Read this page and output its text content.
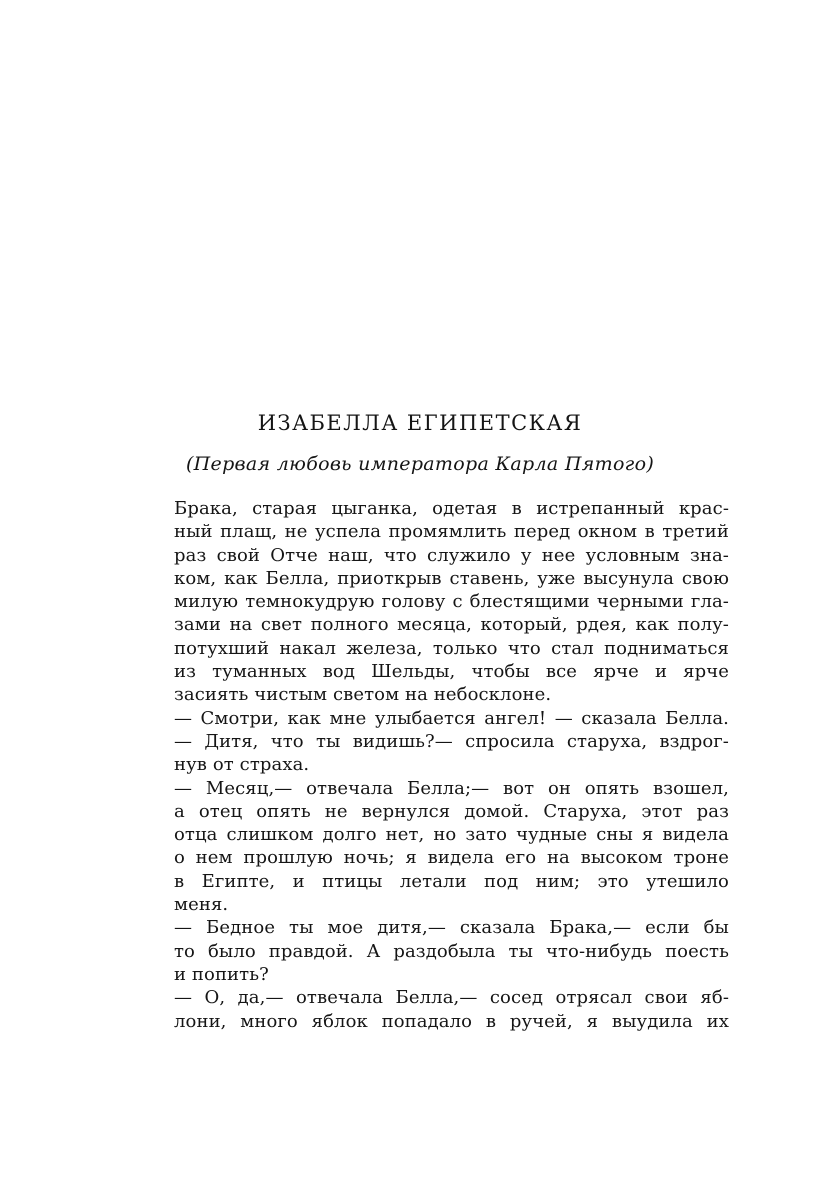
ИЗАБЕЛЛА ЕГИПЕТСКАЯ

(Первая любовь императора Карла Пятого)

Брака, старая цыганка, одетая в истрепанный крас-
ный плащ, не успела промямлить перед окном в третий
раз свой Отче наш, что служило у нее условным зна-
ком, как Белла, приоткрыв ставень, уже высунула свою
милую темнокудрую голову с блестящими черными гла-
зами на свет полного месяца, который, рдея, как полу-
потухший накал железа, только что стал подниматься
из туманных вод Шельды, чтобы все ярче и ярче
засиять чистым светом на небосклоне.
— Смотри, как мне улыбается ангел! — сказала Белла.
— Дитя, что ты видишь?— спросила старуха, вздрог-
нув от страха.
— Месяц,— отвечала Белла;— вот он опять взошел,
а отец опять не вернулся домой. Старуха, этот раз
отца слишком долго нет, но зато чудные сны я видела
о нем прошлую ночь; я видела его на высоком троне
в Египте, и птицы летали под ним; это утешило
меня.
— Бедное ты мое дитя,— сказала Брака,— если бы
то было правдой. А раздобыла ты что-нибудь поесть
и попить?
— О, да,— отвечала Белла,— сосед отрясал свои яб-
лони, много яблок попадало в ручей, я выудила их
